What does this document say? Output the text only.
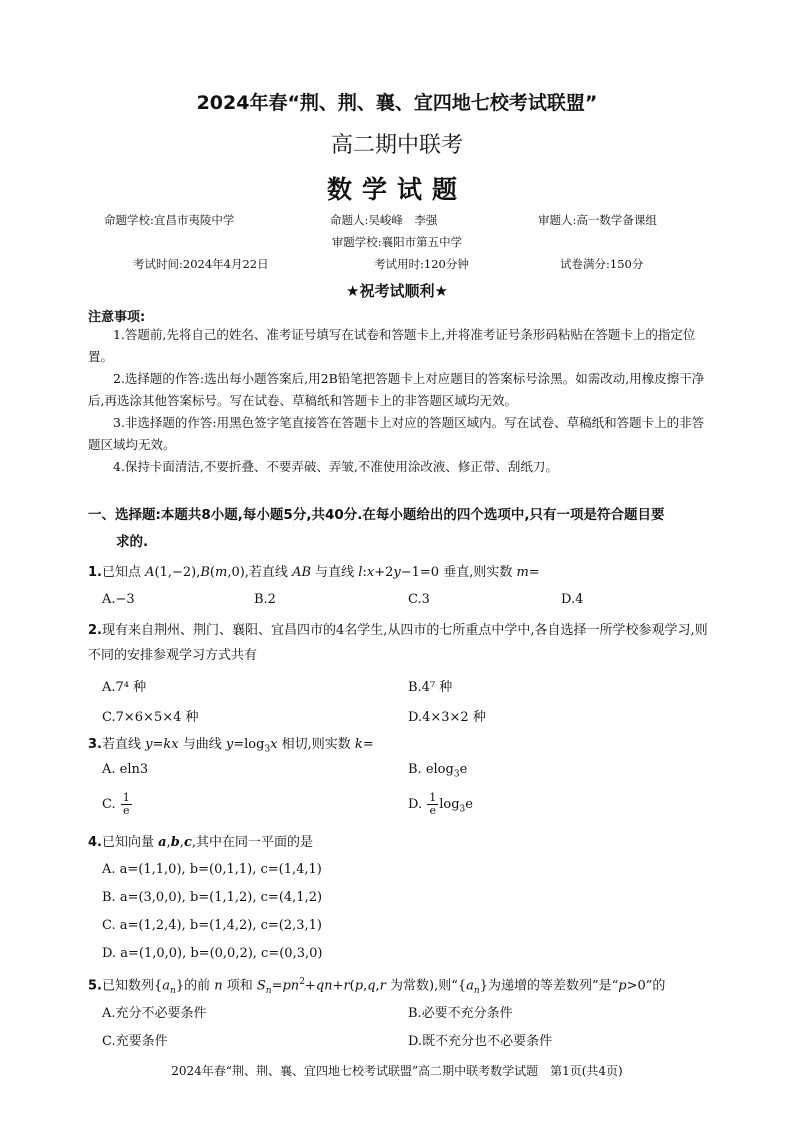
2024年春“荆、荆、襄、宜四地七校考试联盟”
高二期中联考
数学试题
命题学校:宜昌市夷陵中学	命题人:吴峻峰　李强	审题人:高一数学备课组
审题学校:襄阳市第五中学
考试时间:2024年4月22日	考试用时:120分钟	试卷满分:150分
★祝考试顺利★
注意事项:
1.答题前,先将自己的姓名、准考证号填写在试卷和答题卡上,并将准考证号条形码粘贴在答题卡上的指定位置。
2.选择题的作答:选出每小题答案后,用2B铅笔把答题卡上对应题目的答案标号涂黑。如需改动,用橡皮擦干净后,再选涂其他答案标号。写在试卷、草稿纸和答题卡上的非答题区域均无效。
3.非选择题的作答:用黑色签字笔直接答在答题卡上对应的答题区域内。写在试卷、草稿纸和答题卡上的非答题区域均无效。
4.保持卡面清洁,不要折叠、不要弄破、弄皱,不准使用涂改液、修正带、刮纸刀。
一、选择题:本题共8小题,每小题5分,共40分.在每小题给出的四个选项中,只有一项是符合题目要
求的.
1.已知点 A(1,−2),B(m,0),若直线 AB 与直线 l:x+2y−1=0 垂直,则实数 m=
A.−3	B.2	C.3	D.4
2.现有来自荆州、荆门、襄阳、宜昌四市的4名学生,从四市的七所重点中学中,各自选择一所学校参观学习,则不同的安排参观学习方式共有
A.7⁴ 种	B.4⁷ 种
C.7×6×5×4 种	D.4×3×2 种
3.若直线 y=kx 与曲线 $y=\log_3x$ 相切,则实数 k=
A. eln3	B. elog$_3$e
C. $\frac{1}{e}$	D. $\frac{1}{e} \log_3e$
4.已知向量 a,b,c,其中在同一平面的是
A. a=(1,1,0), b=(0,1,1), c=(1,4,1)
B. a=(3,0,0), b=(1,1,2), c=(4,1,2)
C. a=(1,2,4), b=(1,4,2), c=(2,3,1)
D. a=(1,0,0), b=(0,0,2), c=(0,3,0)
5.已知数列$\{a_n\}$的前 n 项和 $S_n=pn^2+qn+r(p,q,r$ 为常数),则“$\{a_n\}$为递增的等差数列”是“p>0”的
A.充分不必要条件	B.必要不充分条件
C.充要条件	D.既不充分也不必要条件
2024年春“荆、荆、襄、宜四地七校考试联盟”高二期中联考数学试题　第1页(共4页)
